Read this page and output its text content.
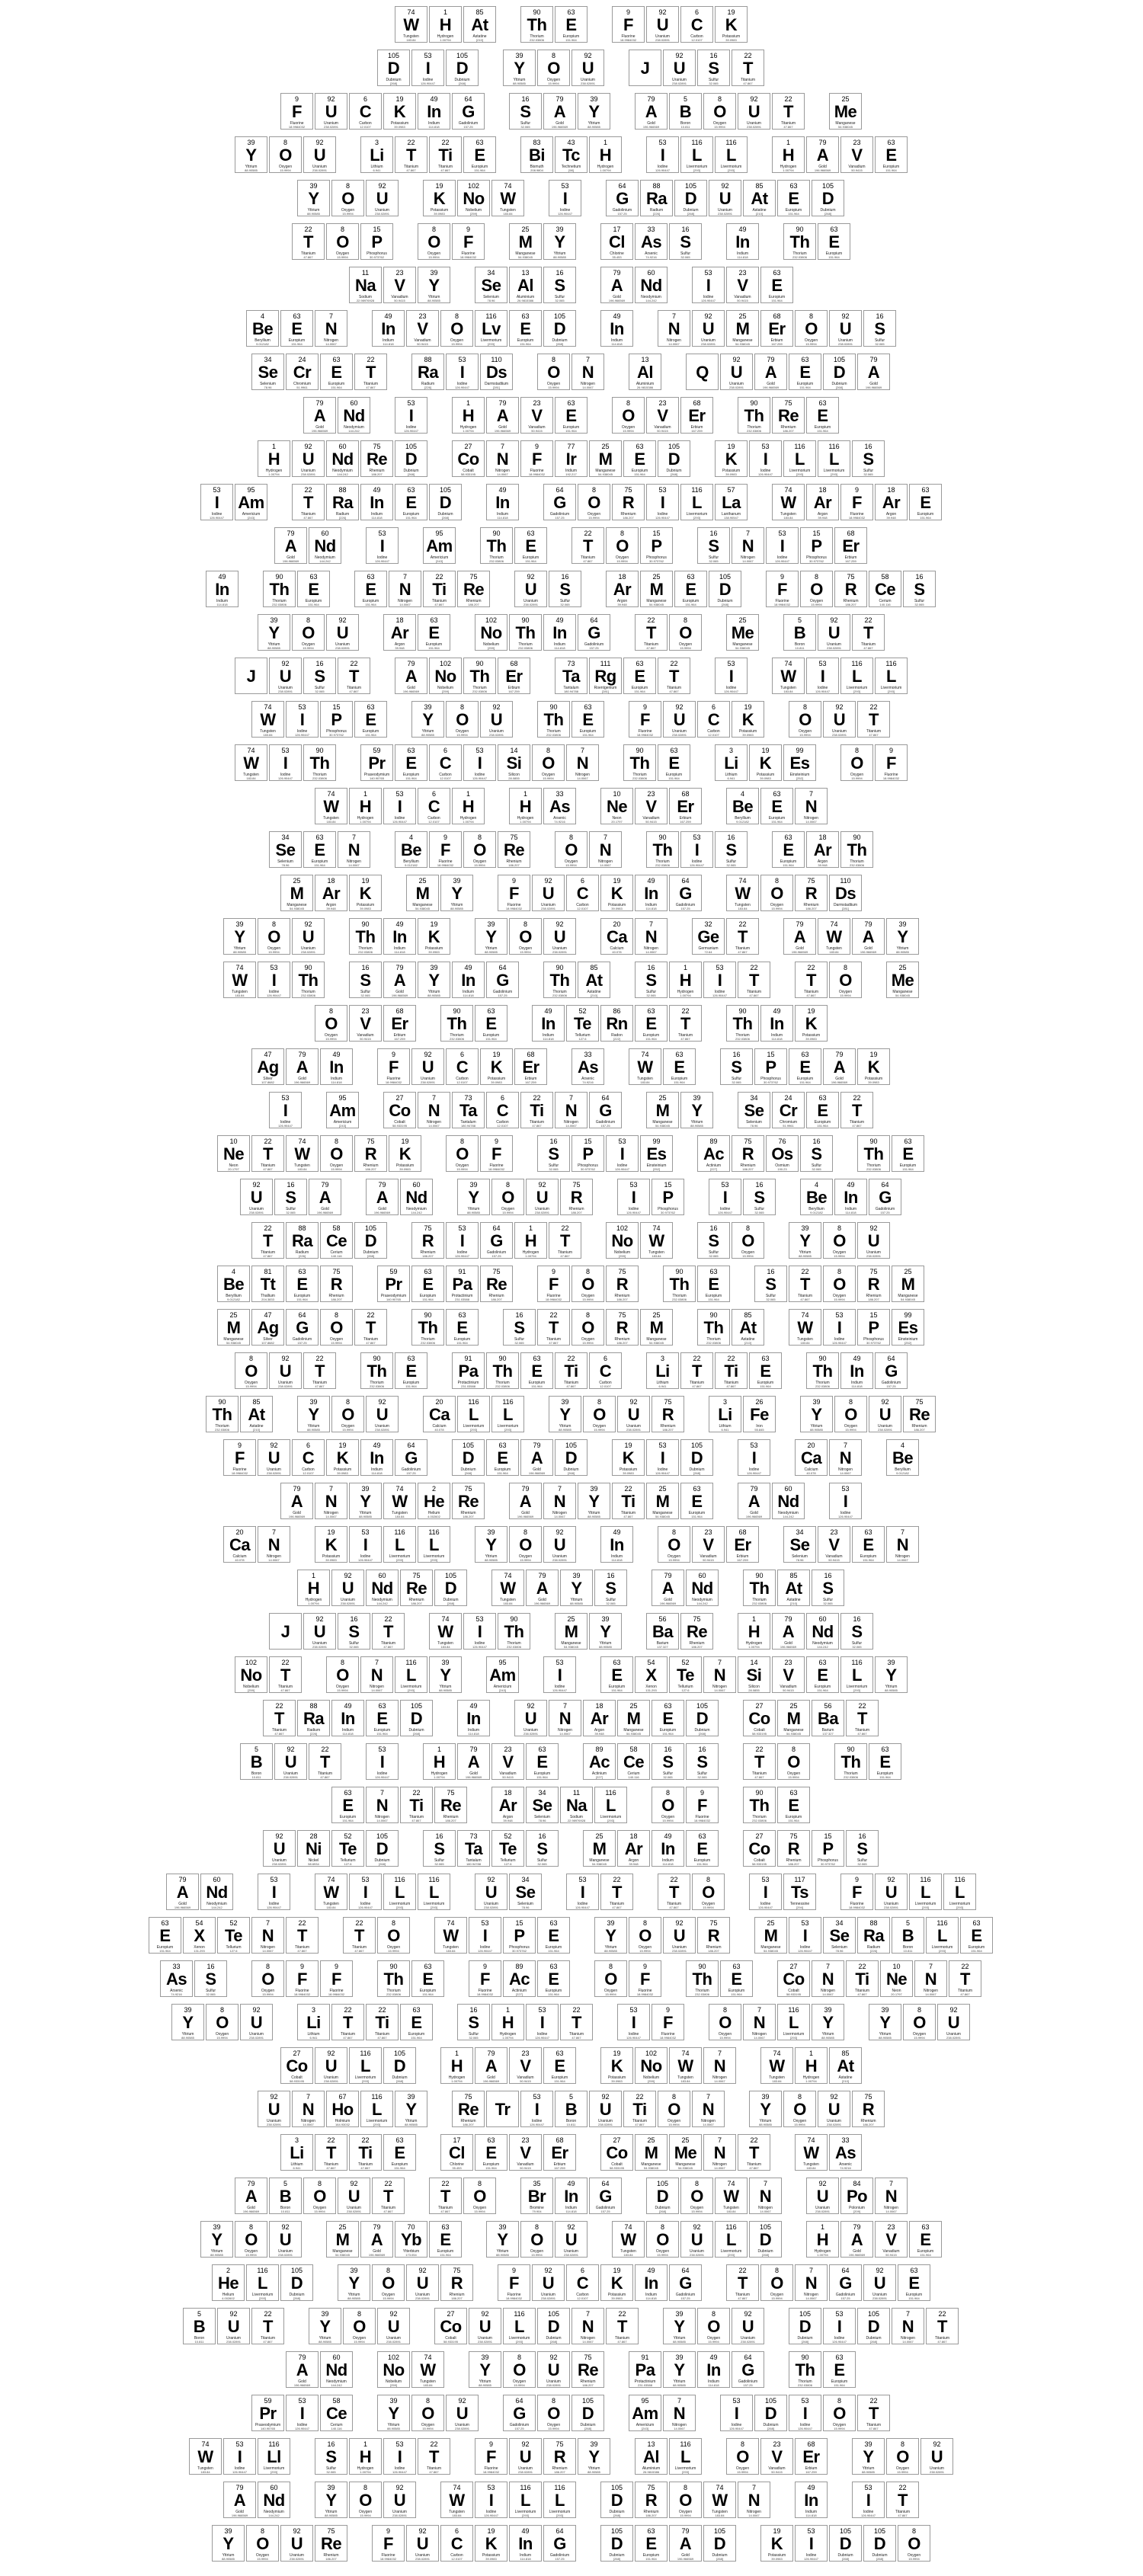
74
W
Tungsten
183.84
1
H
Hydrogen
1.00794
85
At
Astatine
[210]
90
Th
Thorium
232.03806
63
E
Europium
151.964
9
F
Fluorine
18.9984032
92
U
Uranium
238.02891
6
C
Carbon
12.0107
19
K
Potassium
39.0983
105
D
Dubnium
[268]
53
I
Iodine
126.90447
105
D
Dubnium
[268]
39
Y
Yttrium
88.90585
8
O
Oxygen
15.9994
92
U
Uranium
238.02891
J
92
U
Uranium
238.02891
16
S
Sulfur
32.065
22
T
Titanium
47.867
9
F
Fluorine
18.9984032
92
U
Uranium
238.02891
6
C
Carbon
12.0107
19
K
Potassium
39.0983
49
In
Indium
114.818
64
G
Gadolinium
157.25
16
S
Sulfur
32.065
79
A
Gold
196.966569
39
Y
Yttrium
88.90585
79
A
Gold
196.966569
5
B
Boron
10.811
8
O
Oxygen
15.9994
92
U
Uranium
238.02891
22
T
Titanium
47.867
25
Me
Manganese
54.938045
39
Y
Yttrium
88.90585
8
O
Oxygen
15.9994
92
U
Uranium
238.02891
3
Li
Lithium
6.941
22
T
Titanium
47.867
22
Ti
Titanium
47.867
63
E
Europium
151.964
83
Bi
Bismuth
208.9804
43
Tc
Technetium
[98]
1
H
Hydrogen
1.00794
53
I
Iodine
126.90447
116
L
Livermorium
[293]
116
L
Livermorium
[293]
1
H
Hydrogen
1.00794
79
A
Gold
196.966569
23
V
Vanadium
50.9415
63
E
Europium
151.964
39
Y
Yttrium
88.90585
8
O
Oxygen
15.9994
92
U
Uranium
238.02891
19
K
Potassium
39.0983
102
No
Nobelium
[259]
74
W
Tungsten
183.84
53
I
Iodine
126.90447
64
G
Gadolinium
157.25
88
Ra
Radium
[226]
105
D
Dubnium
[268]
92
U
Uranium
238.02891
85
At
Astatine
[210]
63
E
Europium
151.964
105
D
Dubnium
[268]
22
T
Titanium
47.867
8
O
Oxygen
15.9994
15
P
Phosphorus
30.973762
8
O
Oxygen
15.9994
9
F
Fluorine
18.9984032
25
M
Manganese
54.938045
39
Y
Yttrium
88.90585
17
Cl
Chlorine
35.453
33
As
Arsenic
74.9216
16
S
Sulfur
32.065
49
In
Indium
114.818
90
Th
Thorium
232.03806
63
E
Europium
151.964
11
Na
Sodium
22.98976928
23
V
Vanadium
50.9415
39
Y
Yttrium
88.90585
34
Se
Selenium
78.96
13
Al
Aluminium
26.9815386
16
S
Sulfur
32.065
79
A
Gold
196.966569
60
Nd
Neodymium
144.242
53
I
Iodine
126.90447
23
V
Vanadium
50.9415
63
E
Europium
151.964
4
Be
Beryllium
9.012182
63
E
Europium
151.964
7
N
Nitrogen
14.0067
49
In
Indium
114.818
23
V
Vanadium
50.9415
8
O
Oxygen
15.9994
116
Lv
Livermorium
[293]
63
E
Europium
151.964
105
D
Dubnium
[268]
49
In
Indium
114.818
7
N
Nitrogen
14.0067
92
U
Uranium
238.02891
25
M
Manganese
54.938045
68
Er
Erbium
167.259
8
O
Oxygen
15.9994
92
U
Uranium
238.02891
16
S
Sulfur
32.065
34
Se
Selenium
78.96
24
Cr
Chromium
51.9961
63
E
Europium
151.964
22
T
Titanium
47.867
88
Ra
Radium
[226]
53
I
Iodine
126.90447
110
Ds
Darmstadtium
[281]
8
O
Oxygen
15.9994
7
N
Nitrogen
14.0067
13
Al
Aluminium
26.9815386
Q
92
U
Uranium
238.02891
79
A
Gold
196.966569
63
E
Europium
151.964
105
D
Dubnium
[268]
79
A
Gold
196.966569
79
A
Gold
196.966569
60
Nd
Neodymium
144.242
53
I
Iodine
126.90447
1
H
Hydrogen
1.00794
79
A
Gold
196.966569
23
V
Vanadium
50.9415
63
E
Europium
151.964
8
O
Oxygen
15.9994
23
V
Vanadium
50.9415
68
Er
Erbium
167.259
90
Th
Thorium
232.03806
75
Re
Rhenium
186.207
63
E
Europium
151.964
1
H
Hydrogen
1.00794
92
U
Uranium
238.02891
60
Nd
Neodymium
144.242
75
Re
Rhenium
186.207
105
D
Dubnium
[268]
27
Co
Cobalt
58.933195
7
N
Nitrogen
14.0067
9
F
Fluorine
18.9984032
77
Ir
Iridium
192.217
25
M
Manganese
54.938045
63
E
Europium
151.964
105
D
Dubnium
[268]
19
K
Potassium
39.0983
53
I
Iodine
126.90447
116
L
Livermorium
[293]
116
L
Livermorium
[293]
16
S
Sulfur
32.065
53
I
Iodine
126.90447
95
Am
Americium
[243]
22
T
Titanium
47.867
88
Ra
Radium
[226]
49
In
Indium
114.818
63
E
Europium
151.964
105
D
Dubnium
[268]
49
In
Indium
114.818
64
G
Gadolinium
157.25
8
O
Oxygen
15.9994
75
R
Rhenium
186.207
53
I
Iodine
126.90447
116
L
Livermorium
[293]
57
La
Lanthanum
138.90547
74
W
Tungsten
183.84
18
Ar
Argon
39.948
9
F
Fluorine
18.9984032
18
Ar
Argon
39.948
63
E
Europium
151.964
79
A
Gold
196.966569
60
Nd
Neodymium
144.242
53
I
Iodine
126.90447
95
Am
Americium
[243]
90
Th
Thorium
232.03806
63
E
Europium
151.964
22
T
Titanium
47.867
8
O
Oxygen
15.9994
15
P
Phosphorus
30.973762
16
S
Sulfur
32.065
7
N
Nitrogen
14.0067
53
I
Iodine
126.90447
15
P
Phosphorus
30.973762
68
Er
Erbium
167.259
49
In
Indium
114.818
90
Th
Thorium
232.03806
63
E
Europium
151.964
63
E
Europium
151.964
7
N
Nitrogen
14.0067
22
Ti
Titanium
47.867
75
Re
Rhenium
186.207
92
U
Uranium
238.02891
16
S
Sulfur
32.065
18
Ar
Argon
39.948
25
M
Manganese
54.938045
63
E
Europium
151.964
105
D
Dubnium
[268]
9
F
Fluorine
18.9984032
8
O
Oxygen
15.9994
75
R
Rhenium
186.207
58
Ce
Cerium
140.116
16
S
Sulfur
32.065
39
Y
Yttrium
88.90585
8
O
Oxygen
15.9994
92
U
Uranium
238.02891
18
Ar
Argon
39.948
63
E
Europium
151.964
102
No
Nobelium
[259]
90
Th
Thorium
232.03806
49
In
Indium
114.818
64
G
Gadolinium
157.25
22
T
Titanium
47.867
8
O
Oxygen
15.9994
25
Me
Manganese
54.938045
5
B
Boron
10.811
92
U
Uranium
238.02891
22
T
Titanium
47.867
J
92
U
Uranium
238.02891
16
S
Sulfur
32.065
22
T
Titanium
47.867
79
A
Gold
196.966569
102
No
Nobelium
[259]
90
Th
Thorium
232.03806
68
Er
Erbium
167.259
73
Ta
Tantalum
180.94788
111
Rg
Roentgenium
[281]
63
E
Europium
151.964
22
T
Titanium
47.867
53
I
Iodine
126.90447
74
W
Tungsten
183.84
53
I
Iodine
126.90447
116
L
Livermorium
[293]
116
L
Livermorium
[293]
74
W
Tungsten
183.84
53
I
Iodine
126.90447
15
P
Phosphorus
30.973762
63
E
Europium
151.964
39
Y
Yttrium
88.90585
8
O
Oxygen
15.9994
92
U
Uranium
238.02891
90
Th
Thorium
232.03806
63
E
Europium
151.964
9
F
Fluorine
18.9984032
92
U
Uranium
238.02891
6
C
Carbon
12.0107
19
K
Potassium
39.0983
8
O
Oxygen
15.9994
92
U
Uranium
238.02891
22
T
Titanium
47.867
74
W
Tungsten
183.84
53
I
Iodine
126.90447
90
Th
Thorium
232.03806
59
Pr
Praseodymium
140.90765
63
E
Europium
151.964
6
C
Carbon
12.0107
53
I
Iodine
126.90447
14
Si
Silicon
28.0855
8
O
Oxygen
15.9994
7
N
Nitrogen
14.0067
90
Th
Thorium
232.03806
63
E
Europium
151.964
3
Li
Lithium
6.941
19
K
Potassium
39.0983
99
Es
Einsteinium
[252]
8
O
Oxygen
15.9994
9
F
Fluorine
18.9984032
74
W
Tungsten
183.84
1
H
Hydrogen
1.00794
53
I
Iodine
126.90447
6
C
Carbon
12.0107
1
H
Hydrogen
1.00794
1
H
Hydrogen
1.00794
33
As
Arsenic
74.9216
10
Ne
Neon
20.1797
23
V
Vanadium
50.9415
68
Er
Erbium
167.259
4
Be
Beryllium
9.012182
63
E
Europium
151.964
7
N
Nitrogen
14.0067
34
Se
Selenium
78.96
63
E
Europium
151.964
7
N
Nitrogen
14.0067
4
Be
Beryllium
9.012182
9
F
Fluorine
18.9984032
8
O
Oxygen
15.9994
75
Re
Rhenium
186.207
8
O
Oxygen
15.9994
7
N
Nitrogen
14.0067
90
Th
Thorium
232.03806
53
I
Iodine
126.90447
16
S
Sulfur
32.065
63
E
Europium
151.964
18
Ar
Argon
39.948
90
Th
Thorium
232.03806
25
M
Manganese
54.938045
18
Ar
Argon
39.948
19
K
Potassium
39.0983
25
M
Manganese
54.938045
39
Y
Yttrium
88.90585
9
F
Fluorine
18.9984032
92
U
Uranium
238.02891
6
C
Carbon
12.0107
19
K
Potassium
39.0983
49
In
Indium
114.818
64
G
Gadolinium
157.25
74
W
Tungsten
183.84
8
O
Oxygen
15.9994
75
R
Rhenium
186.207
110
Ds
Darmstadtium
[281]
39
Y
Yttrium
88.90585
8
O
Oxygen
15.9994
92
U
Uranium
238.02891
90
Th
Thorium
232.03806
49
In
Indium
114.818
19
K
Potassium
39.0983
39
Y
Yttrium
88.90585
8
O
Oxygen
15.9994
92
U
Uranium
238.02891
20
Ca
Calcium
40.078
7
N
Nitrogen
14.0067
32
Ge
Germanium
72.64
22
T
Titanium
47.867
79
A
Gold
196.966569
74
W
Tungsten
183.84
79
A
Gold
196.966569
39
Y
Yttrium
88.90585
74
W
Tungsten
183.84
53
I
Iodine
126.90447
90
Th
Thorium
232.03806
16
S
Sulfur
32.065
79
A
Gold
196.966569
39
Y
Yttrium
88.90585
49
In
Indium
114.818
64
G
Gadolinium
157.25
90
Th
Thorium
232.03806
85
At
Astatine
[210]
16
S
Sulfur
32.065
1
H
Hydrogen
1.00794
53
I
Iodine
126.90447
22
T
Titanium
47.867
22
T
Titanium
47.867
8
O
Oxygen
15.9994
25
Me
Manganese
54.938045
8
O
Oxygen
15.9994
23
V
Vanadium
50.9415
68
Er
Erbium
167.259
90
Th
Thorium
232.03806
63
E
Europium
151.964
49
In
Indium
114.818
52
Te
Tellurium
127.6
86
Rn
Radon
[222]
63
E
Europium
151.964
22
T
Titanium
47.867
90
Th
Thorium
232.03806
49
In
Indium
114.818
19
K
Potassium
39.0983
47
Ag
Silver
107.8682
79
A
Gold
196.966569
49
In
Indium
114.818
9
F
Fluorine
18.9984032
92
U
Uranium
238.02891
6
C
Carbon
12.0107
19
K
Potassium
39.0983
68
Er
Erbium
167.259
33
As
Arsenic
74.9216
74
W
Tungsten
183.84
63
E
Europium
151.964
16
S
Sulfur
32.065
15
P
Phosphorus
30.973762
63
E
Europium
151.964
79
A
Gold
196.966569
19
K
Potassium
39.0983
53
I
Iodine
126.90447
95
Am
Americium
[243]
27
Co
Cobalt
58.933195
7
N
Nitrogen
14.0067
73
Ta
Tantalum
180.94788
6
C
Carbon
12.0107
22
Ti
Titanium
47.867
7
N
Nitrogen
14.0067
64
G
Gadolinium
157.25
25
M
Manganese
54.938045
39
Y
Yttrium
88.90585
34
Se
Selenium
78.96
24
Cr
Chromium
51.9961
63
E
Europium
151.964
22
T
Titanium
47.867
10
Ne
Neon
20.1797
22
T
Titanium
47.867
74
W
Tungsten
183.84
8
O
Oxygen
15.9994
75
R
Rhenium
186.207
19
K
Potassium
39.0983
8
O
Oxygen
15.9994
9
F
Fluorine
18.9984032
16
S
Sulfur
32.065
15
P
Phosphorus
30.973762
53
I
Iodine
126.90447
99
Es
Einsteinium
[252]
89
Ac
Actinium
[227]
75
R
Rhenium
186.207
76
Os
Osmium
190.23
16
S
Sulfur
32.065
90
Th
Thorium
232.03806
63
E
Europium
151.964
92
U
Uranium
238.02891
16
S
Sulfur
32.065
79
A
Gold
196.966569
79
A
Gold
196.966569
60
Nd
Neodymium
144.242
39
Y
Yttrium
88.90585
8
O
Oxygen
15.9994
92
U
Uranium
238.02891
75
R
Rhenium
186.207
53
I
Iodine
126.90447
15
P
Phosphorus
30.973762
53
I
Iodine
126.90447
16
S
Sulfur
32.065
4
Be
Beryllium
9.012182
49
In
Indium
114.818
64
G
Gadolinium
157.25
22
T
Titanium
47.867
88
Ra
Radium
[226]
58
Ce
Cerium
140.116
105
D
Dubnium
[268]
75
R
Rhenium
186.207
53
I
Iodine
126.90447
64
G
Gadolinium
157.25
1
H
Hydrogen
1.00794
22
T
Titanium
47.867
102
No
Nobelium
[259]
74
W
Tungsten
183.84
16
S
Sulfur
32.065
8
O
Oxygen
15.9994
39
Y
Yttrium
88.90585
8
O
Oxygen
15.9994
92
U
Uranium
238.02891
4
Be
Beryllium
9.012182
81
Tt
Thallium
204.3833
63
E
Europium
151.964
75
R
Rhenium
186.207
59
Pr
Praseodymium
140.90765
63
E
Europium
151.964
91
Pa
Protactinium
231.03588
75
Re
Rhenium
186.207
9
F
Fluorine
18.9984032
8
O
Oxygen
15.9994
75
R
Rhenium
186.207
90
Th
Thorium
232.03806
63
E
Europium
151.964
16
S
Sulfur
32.065
22
T
Titanium
47.867
8
O
Oxygen
15.9994
75
R
Rhenium
186.207
25
M
Manganese
54.938045
25
M
Manganese
54.938045
47
Ag
Silver
107.8682
64
G
Gadolinium
157.25
8
O
Oxygen
15.9994
22
T
Titanium
47.867
90
Th
Thorium
232.03806
63
E
Europium
151.964
16
S
Sulfur
32.065
22
T
Titanium
47.867
8
O
Oxygen
15.9994
75
R
Rhenium
186.207
25
M
Manganese
54.938045
90
Th
Thorium
232.03806
85
At
Astatine
[210]
74
W
Tungsten
183.84
53
I
Iodine
126.90447
15
P
Phosphorus
30.973762
99
Es
Einsteinium
[252]
8
O
Oxygen
15.9994
92
U
Uranium
238.02891
22
T
Titanium
47.867
90
Th
Thorium
232.03806
63
E
Europium
151.964
91
Pa
Protactinium
231.03588
90
Th
Thorium
232.03806
63
E
Europium
151.964
22
Ti
Titanium
47.867
6
C
Carbon
12.0107
3
Li
Lithium
6.941
22
T
Titanium
47.867
22
Ti
Titanium
47.867
63
E
Europium
151.964
90
Th
Thorium
232.03806
49
In
Indium
114.818
64
G
Gadolinium
157.25
90
Th
Thorium
232.03806
85
At
Astatine
[210]
39
Y
Yttrium
88.90585
8
O
Oxygen
15.9994
92
U
Uranium
238.02891
20
Ca
Calcium
40.078
116
L
Livermorium
[293]
116
L
Livermorium
[293]
39
Y
Yttrium
88.90585
8
O
Oxygen
15.9994
92
U
Uranium
238.02891
75
R
Rhenium
186.207
3
Li
Lithium
6.941
26
Fe
Iron
55.845
39
Y
Yttrium
88.90585
8
O
Oxygen
15.9994
92
U
Uranium
238.02891
75
Re
Rhenium
186.207
9
F
Fluorine
18.9984032
92
U
Uranium
238.02891
6
C
Carbon
12.0107
19
K
Potassium
39.0983
49
In
Indium
114.818
64
G
Gadolinium
157.25
105
D
Dubnium
[268]
63
E
Europium
151.964
79
A
Gold
196.966569
105
D
Dubnium
[268]
19
K
Potassium
39.0983
53
I
Iodine
126.90447
105
D
Dubnium
[268]
53
I
Iodine
126.90447
20
Ca
Calcium
40.078
7
N
Nitrogen
14.0067
4
Be
Beryllium
9.012182
79
A
Gold
196.966569
7
N
Nitrogen
14.0067
39
Y
Yttrium
88.90585
74
W
Tungsten
183.84
2
He
Helium
4.002602
75
Re
Rhenium
186.207
79
A
Gold
196.966569
7
N
Nitrogen
14.0067
39
Y
Yttrium
88.90585
22
Ti
Titanium
47.867
25
M
Manganese
54.938045
63
E
Europium
151.964
79
A
Gold
196.966569
60
Nd
Neodymium
144.242
53
I
Iodine
126.90447
20
Ca
Calcium
40.078
7
N
Nitrogen
14.0067
19
K
Potassium
39.0983
53
I
Iodine
126.90447
116
L
Livermorium
[293]
116
L
Livermorium
[293]
39
Y
Yttrium
88.90585
8
O
Oxygen
15.9994
92
U
Uranium
238.02891
49
In
Indium
114.818
8
O
Oxygen
15.9994
23
V
Vanadium
50.9415
68
Er
Erbium
167.259
34
Se
Selenium
78.96
23
V
Vanadium
50.9415
63
E
Europium
151.964
7
N
Nitrogen
14.0067
1
H
Hydrogen
1.00794
92
U
Uranium
238.02891
60
Nd
Neodymium
144.242
75
Re
Rhenium
186.207
105
D
Dubnium
[268]
74
W
Tungsten
183.84
79
A
Gold
196.966569
39
Y
Yttrium
88.90585
16
S
Sulfur
32.065
79
A
Gold
196.966569
60
Nd
Neodymium
144.242
90
Th
Thorium
232.03806
85
At
Astatine
[210]
16
S
Sulfur
32.065
J
92
U
Uranium
238.02891
16
S
Sulfur
32.065
22
T
Titanium
47.867
74
W
Tungsten
183.84
53
I
Iodine
126.90447
90
Th
Thorium
232.03806
25
M
Manganese
54.938045
39
Y
Yttrium
88.90585
56
Ba
Barium
137.327
75
Re
Rhenium
186.207
1
H
Hydrogen
1.00794
79
A
Gold
196.966569
60
Nd
Neodymium
144.242
16
S
Sulfur
32.065
102
No
Nobelium
[259]
22
T
Titanium
47.867
8
O
Oxygen
15.9994
7
N
Nitrogen
14.0067
116
L
Livermorium
[293]
39
Y
Yttrium
88.90585
95
Am
Americium
[243]
53
I
Iodine
126.90447
63
E
Europium
151.964
54
X
Xenon
131.293
52
Te
Tellurium
127.6
7
N
Nitrogen
14.0067
14
Si
Silicon
28.0855
23
V
Vanadium
50.9415
63
E
Europium
151.964
116
L
Livermorium
[293]
39
Y
Yttrium
88.90585
22
T
Titanium
47.867
88
Ra
Radium
[226]
49
In
Indium
114.818
63
E
Europium
151.964
105
D
Dubnium
[268]
49
In
Indium
114.818
92
U
Uranium
238.02891
7
N
Nitrogen
14.0067
18
Ar
Argon
39.948
25
M
Manganese
54.938045
63
E
Europium
151.964
105
D
Dubnium
[268]
27
Co
Cobalt
58.933195
25
M
Manganese
54.938045
56
Ba
Barium
137.327
22
T
Titanium
47.867
5
B
Boron
10.811
92
U
Uranium
238.02891
22
T
Titanium
47.867
53
I
Iodine
126.90447
1
H
Hydrogen
1.00794
79
A
Gold
196.966569
23
V
Vanadium
50.9415
63
E
Europium
151.964
89
Ac
Actinium
[227]
58
Ce
Cerium
140.116
16
S
Sulfur
32.065
16
S
Sulfur
32.065
22
T
Titanium
47.867
8
O
Oxygen
15.9994
90
Th
Thorium
232.03806
63
E
Europium
151.964
63
E
Europium
151.964
7
N
Nitrogen
14.0067
22
Ti
Titanium
47.867
75
Re
Rhenium
186.207
18
Ar
Argon
39.948
34
Se
Selenium
78.96
11
Na
Sodium
22.98976928
116
L
Livermorium
[293]
8
O
Oxygen
15.9994
9
F
Fluorine
18.9984032
90
Th
Thorium
232.03806
63
E
Europium
151.964
92
U
Uranium
238.02891
28
Ni
Nickel
58.6934
52
Te
Tellurium
127.6
105
D
Dubnium
[268]
16
S
Sulfur
32.065
73
Ta
Tantalum
180.94788
52
Te
Tellurium
127.6
16
S
Sulfur
32.065
25
M
Manganese
54.938045
18
Ar
Argon
39.948
49
In
Indium
114.818
63
E
Europium
151.964
27
Co
Cobalt
58.933195
75
R
Rhenium
186.207
15
P
Phosphorus
30.973762
16
S
Sulfur
32.065
79
A
Gold
196.966569
60
Nd
Neodymium
144.242
53
I
Iodine
126.90447
74
W
Tungsten
183.84
53
I
Iodine
126.90447
116
L
Livermorium
[293]
116
L
Livermorium
[293]
92
U
Uranium
238.02891
34
Se
Selenium
78.96
53
I
Iodine
126.90447
22
T
Titanium
47.867
22
T
Titanium
47.867
8
O
Oxygen
15.9994
53
I
Iodine
126.90447
117
Ts
Tennessine
[294]
9
F
Fluorine
18.9984032
92
U
Uranium
238.02891
116
L
Livermorium
[293]
116
L
Livermorium
[293]
63
E
Europium
151.964
54
X
Xenon
131.293
52
Te
Tellurium
127.6
7
N
Nitrogen
14.0067
22
T
Titanium
47.867
22
T
Titanium
47.867
8
O
Oxygen
15.9994
74
W
Tungsten
183.84
53
I
Iodine
126.90447
15
P
Phosphorus
30.973762
63
E
Europium
151.964
39
Y
Yttrium
88.90585
8
O
Oxygen
15.9994
92
U
Uranium
238.02891
75
R
Rhenium
186.207
25
M
Manganese
54.938045
53
I
Iodine
126.90447
34
Se
Selenium
78.96
88
Ra
Radium
[226]
5
B
Boron
10.811
116
L
Livermorium
[293]
63
E
Europium
151.964
33
As
Arsenic
74.9216
16
S
Sulfur
32.065
8
O
Oxygen
15.9994
9
F
Fluorine
18.9984032
9
F
Fluorine
18.9984032
90
Th
Thorium
232.03806
63
E
Europium
151.964
9
F
Fluorine
18.9984032
89
Ac
Actinium
[227]
63
E
Europium
151.964
8
O
Oxygen
15.9994
9
F
Fluorine
18.9984032
90
Th
Thorium
232.03806
63
E
Europium
151.964
27
Co
Cobalt
58.933195
7
N
Nitrogen
14.0067
22
Ti
Titanium
47.867
10
Ne
Neon
20.1797
7
N
Nitrogen
14.0067
22
T
Titanium
47.867
39
Y
Yttrium
88.90585
8
O
Oxygen
15.9994
92
U
Uranium
238.02891
3
Li
Lithium
6.941
22
T
Titanium
47.867
22
Ti
Titanium
47.867
63
E
Europium
151.964
16
S
Sulfur
32.065
1
H
Hydrogen
1.00794
53
I
Iodine
126.90447
22
T
Titanium
47.867
53
I
Iodine
126.90447
9
F
Fluorine
18.9984032
8
O
Oxygen
15.9994
7
N
Nitrogen
14.0067
116
L
Livermorium
[293]
39
Y
Yttrium
88.90585
39
Y
Yttrium
88.90585
8
O
Oxygen
15.9994
92
U
Uranium
238.02891
27
Co
Cobalt
58.933195
92
U
Uranium
238.02891
116
L
Livermorium
[293]
105
D
Dubnium
[268]
1
H
Hydrogen
1.00794
79
A
Gold
196.966569
23
V
Vanadium
50.9415
63
E
Europium
151.964
19
K
Potassium
39.0983
102
No
Nobelium
[259]
74
W
Tungsten
183.84
7
N
Nitrogen
14.0067
74
W
Tungsten
183.84
1
H
Hydrogen
1.00794
85
At
Astatine
[210]
92
U
Uranium
238.02891
7
N
Nitrogen
14.0067
67
Ho
Holmium
164.93032
116
L
Livermorium
[293]
39
Y
Yttrium
88.90585
75
Re
Rhenium
186.207
Tr
53
I
Iodine
126.90447
5
B
Boron
10.811
92
U
Uranium
238.02891
22
Ti
Titanium
47.867
8
O
Oxygen
15.9994
7
N
Nitrogen
14.0067
39
Y
Yttrium
88.90585
8
O
Oxygen
15.9994
92
U
Uranium
238.02891
75
R
Rhenium
186.207
3
Li
Lithium
6.941
22
T
Titanium
47.867
22
Ti
Titanium
47.867
63
E
Europium
151.964
17
Cl
Chlorine
35.453
63
E
Europium
151.964
23
V
Vanadium
50.9415
68
Er
Erbium
167.259
27
Co
Cobalt
58.933195
25
M
Manganese
54.938045
25
Me
Manganese
54.938045
7
N
Nitrogen
14.0067
22
T
Titanium
47.867
74
W
Tungsten
183.84
33
As
Arsenic
74.9216
79
A
Gold
196.966569
5
B
Boron
10.811
8
O
Oxygen
15.9994
92
U
Uranium
238.02891
22
T
Titanium
47.867
22
T
Titanium
47.867
8
O
Oxygen
15.9994
35
Br
Bromine
79.904
49
In
Indium
114.818
64
G
Gadolinium
157.25
105
D
Dubnium
[268]
8
O
Oxygen
15.9994
74
W
Tungsten
183.84
7
N
Nitrogen
14.0067
92
U
Uranium
238.02891
84
Po
Polonium
[209]
7
N
Nitrogen
14.0067
39
Y
Yttrium
88.90585
8
O
Oxygen
15.9994
92
U
Uranium
238.02891
25
M
Manganese
54.938045
79
A
Gold
196.966569
70
Yb
Ytterbium
173.054
63
E
Europium
151.964
39
Y
Yttrium
88.90585
8
O
Oxygen
15.9994
92
U
Uranium
238.02891
74
W
Tungsten
183.84
8
O
Oxygen
15.9994
92
U
Uranium
238.02891
116
L
Livermorium
[293]
105
D
Dubnium
[268]
1
H
Hydrogen
1.00794
79
A
Gold
196.966569
23
V
Vanadium
50.9415
63
E
Europium
151.964
2
He
Helium
4.002602
116
L
Livermorium
[293]
105
D
Dubnium
[268]
39
Y
Yttrium
88.90585
8
O
Oxygen
15.9994
92
U
Uranium
238.02891
75
R
Rhenium
186.207
9
F
Fluorine
18.9984032
92
U
Uranium
238.02891
6
C
Carbon
12.0107
19
K
Potassium
39.0983
49
In
Indium
114.818
64
G
Gadolinium
157.25
22
T
Titanium
47.867
8
O
Oxygen
15.9994
7
N
Nitrogen
14.0067
64
G
Gadolinium
157.25
92
U
Uranium
238.02891
63
E
Europium
151.964
5
B
Boron
10.811
92
U
Uranium
238.02891
22
T
Titanium
47.867
39
Y
Yttrium
88.90585
8
O
Oxygen
15.9994
92
U
Uranium
238.02891
27
Co
Cobalt
58.933195
92
U
Uranium
238.02891
116
L
Livermorium
[293]
105
D
Dubnium
[268]
7
N
Nitrogen
14.0067
22
T
Titanium
47.867
39
Y
Yttrium
88.90585
8
O
Oxygen
15.9994
92
U
Uranium
238.02891
105
D
Dubnium
[268]
53
I
Iodine
126.90447
105
D
Dubnium
[268]
7
N
Nitrogen
14.0067
22
T
Titanium
47.867
79
A
Gold
196.966569
60
Nd
Neodymium
144.242
102
No
Nobelium
[259]
74
W
Tungsten
183.84
39
Y
Yttrium
88.90585
8
O
Oxygen
15.9994
92
U
Uranium
238.02891
75
Re
Rhenium
186.207
91
Pa
Protactinium
231.03588
39
Y
Yttrium
88.90585
49
In
Indium
114.818
64
G
Gadolinium
157.25
90
Th
Thorium
232.03806
63
E
Europium
151.964
59
Pr
Praseodymium
140.90765
53
I
Iodine
126.90447
58
Ce
Cerium
140.116
39
Y
Yttrium
88.90585
8
O
Oxygen
15.9994
92
U
Uranium
238.02891
64
G
Gadolinium
157.25
8
O
Oxygen
15.9994
105
D
Dubnium
[268]
95
Am
Americium
[243]
7
N
Nitrogen
14.0067
53
I
Iodine
126.90447
105
D
Dubnium
[268]
53
I
Iodine
126.90447
8
O
Oxygen
15.9994
22
T
Titanium
47.867
74
W
Tungsten
183.84
53
I
Iodine
126.90447
116
Ll
Livermorium
[293]
16
S
Sulfur
32.065
1
H
Hydrogen
1.00794
53
I
Iodine
126.90447
22
T
Titanium
47.867
9
F
Fluorine
18.9984032
92
U
Uranium
238.02891
75
R
Rhenium
186.207
39
Y
Yttrium
88.90585
13
Al
Aluminium
26.9815386
116
L
Livermorium
[293]
8
O
Oxygen
15.9994
23
V
Vanadium
50.9415
68
Er
Erbium
167.259
39
Y
Yttrium
88.90585
8
O
Oxygen
15.9994
92
U
Uranium
238.02891
79
A
Gold
196.966569
60
Nd
Neodymium
144.242
39
Y
Yttrium
88.90585
8
O
Oxygen
15.9994
92
U
Uranium
238.02891
74
W
Tungsten
183.84
53
I
Iodine
126.90447
116
L
Livermorium
[293]
116
L
Livermorium
[293]
105
D
Dubnium
[268]
75
R
Rhenium
186.207
8
O
Oxygen
15.9994
74
W
Tungsten
183.84
7
N
Nitrogen
14.0067
49
In
Indium
114.818
53
I
Iodine
126.90447
22
T
Titanium
47.867
39
Y
Yttrium
88.90585
8
O
Oxygen
15.9994
92
U
Uranium
238.02891
75
Re
Rhenium
186.207
9
F
Fluorine
18.9984032
92
U
Uranium
238.02891
6
C
Carbon
12.0107
19
K
Potassium
39.0983
49
In
Indium
114.818
64
G
Gadolinium
157.25
105
D
Dubnium
[268]
63
E
Europium
151.964
79
A
Gold
196.966569
105
D
Dubnium
[268]
19
K
Potassium
39.0983
53
I
Iodine
126.90447
105
D
Dubnium
[268]
105
D
Dubnium
[268]
8
O
Oxygen
15.9994
